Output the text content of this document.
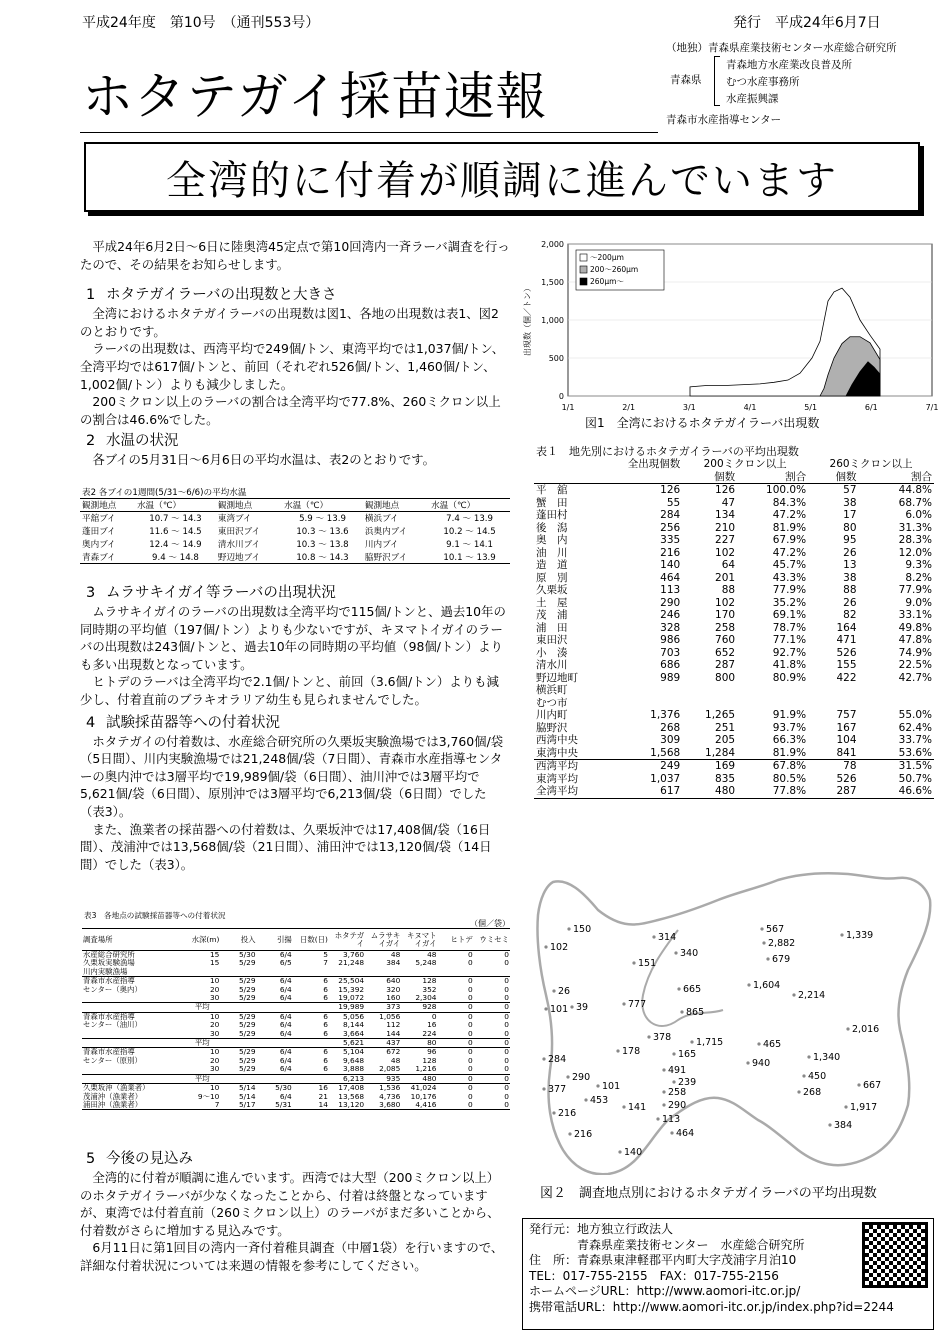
平成24年度　第10号　（通刊553号）	発行　平成24年6月7日
（地独）青森県産業技術センター水産総合研究所
青森県
青森地方水産業改良普及所
むつ水産事務所
水産振興課
青森市水産指導センター
ホタテガイ採苗速報
全湾的に付着が順調に進んでいます

　平成24年6月2日～6日に陸奥湾45定点で第10回湾内一斉ラーバ調査を行ったので、その結果をお知らせします。

1 ホタテガイラーバの出現数と大きさ

　全湾におけるホタテガイラーバの出現数は図1、各地の出現数は表1、図2のとおりです。

　ラーバの出現数は、西湾平均で249個/トン、東湾平均では1,037個/トン、全湾平均では617個/トンと、前回（それぞれ526個/トン、1,460個/トン、1,002個/トン）よりも減少しました。

　200ミクロン以上のラーバの割合は全湾平均で77.8%、260ミクロン以上の割合は46.6%でした。

2 水温の状況

　各ブイの5月31日～6月6日の平均水温は、表2のとおりです。

表2 各ブイの1週間(5/31～6/6)の平均水温
観測地点	水温（℃）	観測地点	水温（℃）	観測地点	水温（℃）
平舘ブイ	10.7 ～ 14.3	東湾ブイ	5.9 ～ 13.9	横浜ブイ	7.4 ～ 13.9
蓬田ブイ	11.6 ～ 14.5	東田沢ブイ	10.3 ～ 13.6	浜奥内ブイ	10.2 ～ 14.5
奥内ブイ	12.4 ～ 14.9	清水川ブイ	10.3 ～ 13.8	川内ブイ	9.1 ～ 14.1
青森ブイ	9.4 ～ 14.8	野辺地ブイ	10.8 ～ 14.3	脇野沢ブイ	10.1 ～ 13.9
3 ムラサキイガイ等ラーバの出現状況

　ムラサキイガイのラーバの出現数は全湾平均で115個/トンと、過去10年の同時期の平均値（197個/トン）よりも少ないですが、キヌマトイガイのラーバの出現数は243個/トンと、過去10年の同時期の平均値（98個/トン）よりも多い出現数となっています。

　ヒトデのラーバは全湾平均で2.1個/トンと、前回（3.6個/トン）よりも減少し、付着直前のブラキオラリア幼生も見られませんでした。

4 試験採苗器等への付着状況

　ホタテガイの付着数は、水産総合研究所の久栗坂実験漁場では3,760個/袋（5日間）、川内実験漁場では21,248個/袋（7日間）、青森市水産指導センターの奥内沖では3層平均で19,989個/袋（6日間）、油川沖では3層平均で5,621個/袋（6日間）、原別沖では3層平均で6,213個/袋（6日間）でした（表3）。

　また、漁業者の採苗器への付着数は、久栗坂沖では17,408個/袋（16日間）、茂浦沖では13,568個/袋（21日間）、浦田沖では13,120個/袋（14日間）でした（表3）。

表3　各地点の試験採苗器等への付着状況
（個／袋）
調査場所	水深(m)	投入	引揚	日数(日)	ホタテガイ	ムラサキイガイ	キヌマトイガイ	ヒトデ	ウミセミ
水産総合研究所	15	5/30	6/4	5	3,760	48	48	0	0
久栗坂実験漁場	15	5/29	6/5	7	21,248	384	5,248	0	0
川内実験漁場									
青森市水産指導	10	5/29	6/4	6	25,504	640	128	0	0
センター（奥内）	20	5/29	6/4	6	15,392	320	352	0	0
	30	5/29	6/4	6	19,072	160	2,304	0	0
	平均				19,989	373	928	0	0
青森市水産指導	10	5/29	6/4	6	5,056	1,056	0	0	0
センター（油川）	20	5/29	6/4	6	8,144	112	16	0	0
	30	5/29	6/4	6	3,664	144	224	0	0
	平均				5,621	437	80	0	0
青森市水産指導	10	5/29	6/4	6	5,104	672	96	0	0
センター（原別）	20	5/29	6/4	6	9,648	48	128	0	0
	30	5/29	6/4	6	3,888	2,085	1,216	0	0
	平均				6,213	935	480	0	0
久栗坂沖（漁業者）	10	5/14	5/30	16	17,408	1,536	41,024	0	0
茂浦沖（漁業者）	9～10	5/14	6/4	21	13,568	4,736	10,176	0	0
浦田沖（漁業者）	7	5/17	5/31	14	13,120	3,680	4,416	0	0
5 今後の見込み

　全湾的に付着が順調に進んでいます。西湾では大型（200ミクロン以上）のホタテガイラーバが少なくなったことから、付着は終盤となっていますが、東湾では付着直前（260ミクロン以上）のラーバがまだ多いことから、付着数がさらに増加する見込みです。

　6月11日に第1回目の湾内一斉付着稚貝調査（中層1袋）を行いますので、詳細な付着状況については来週の情報を参考にしてください。

2,000
1,500
1,000
500
0
1/1	2/1	3/1	4/1	5/1	6/1	7/1
出現数（個／トン）
～200μm
200～260μm
260μm～
図1　全湾におけるホタテガイラーバ出現数
表１　地先別におけるホタテガイラーバの平均出現数
	全出現個数	200ミクロン以上		260ミクロン以上	
		個数	割合	個数	割合
平　舘	126	126	100.0%	57	44.8%
蟹　田	55	47	84.3%	38	68.7%
蓬田村	284	134	47.2%	17	6.0%
後　潟	256	210	81.9%	80	31.3%
奥　内	335	227	67.9%	95	28.3%
油　川	216	102	47.2%	26	12.0%
造　道	140	64	45.7%	13	9.3%
原　別	464	201	43.3%	38	8.2%
久栗坂	113	88	77.9%	88	77.9%
土　屋	290	102	35.2%	26	9.0%
茂　浦	246	170	69.1%	82	33.1%
浦　田	328	258	78.7%	164	49.8%
東田沢	986	760	77.1%	471	47.8%
小　湊	703	652	92.7%	526	74.9%
清水川	686	287	41.8%	155	22.5%
野辺地町	989	800	80.9%	422	42.7%
横浜町					
むつ市					
川内町	1,376	1,265	91.9%	757	55.0%
脇野沢	268	251	93.7%	167	62.4%
西湾中央	309	205	66.3%	104	33.7%
東湾中央	1,568	1,284	81.9%	841	53.6%
西湾平均	249	169	67.8%	78	31.5%
東湾平均	1,037	835	80.5%	526	50.7%
全湾平均	617	480	77.8%	287	46.6%
150
102
314
340
151
567
2,882
679
1,339
26
101 39	777
665
865
1,604
2,214
2,016
378	1,715	465
1,340
284
178	165
491
940
450
290
377	101	239
258
453
141 290
113
268
667
216
1,917
384
216	464
140
図２　調査地点別におけるホタテガイラーバの平均出現数
発行元：地方独立行政法人
　　　　青森県産業技術センター　水産総合研究所
住　所：青森県東津軽郡平内町大字茂浦字月泊10
TEL：017-755-2155　FAX：017-755-2156
ホームページURL：http://www.aomori-itc.or.jp/
携帯電話URL：http://www.aomori-itc.or.jp/index.php?id=2244
